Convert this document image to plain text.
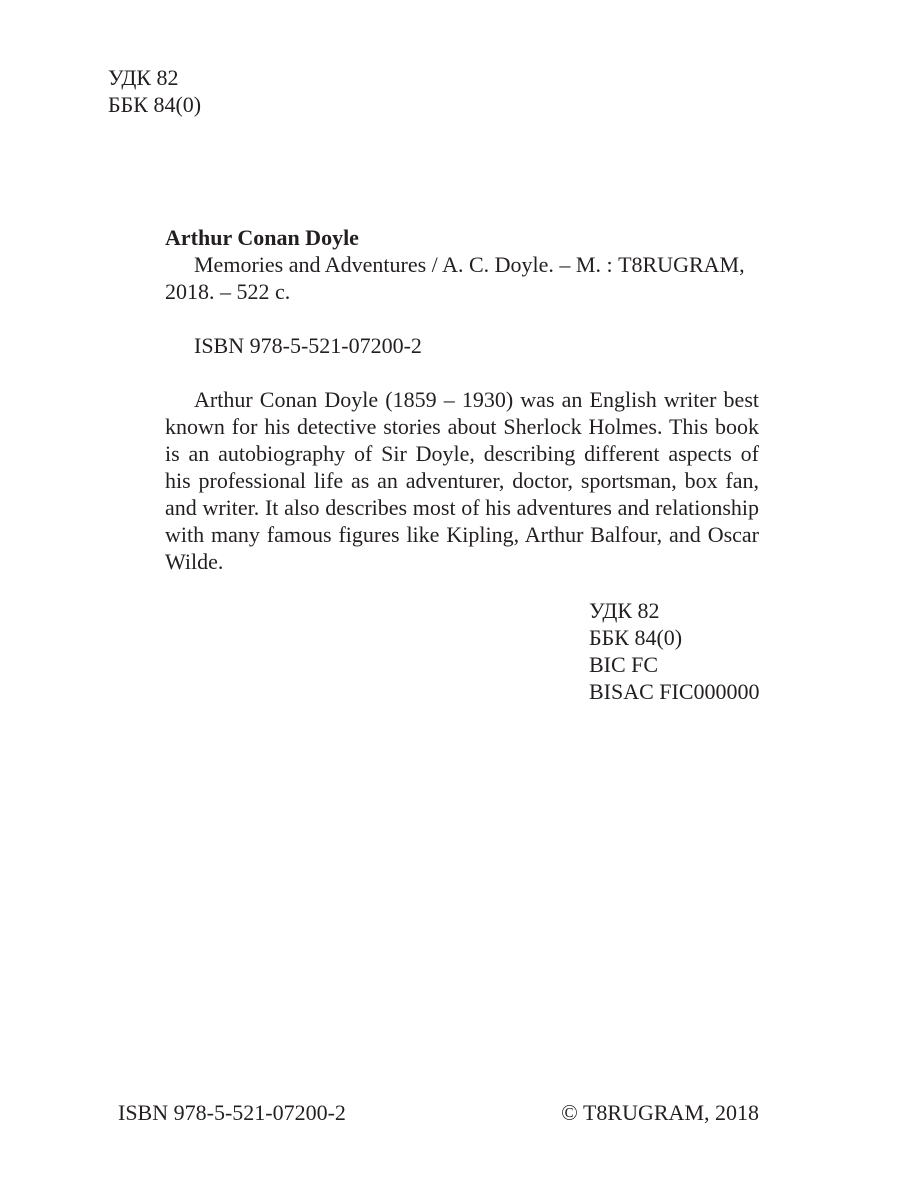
УДК 82
ББК 84(0)
Arthur Conan Doyle
Memories and Adventures / A. C. Doyle. – М. : T8RUGRAM, 2018. – 522 с.
ISBN 978-5-521-07200-2
Arthur Conan Doyle (1859 – 1930) was an English writer best known for his detective stories about Sherlock Holmes. This book is an autobiography of Sir Doyle, describing different aspects of his professional life as an adventurer, doctor, sportsman, box fan, and writer. It also describes most of his adventures and relationship with many famous figures like Kipling, Arthur Balfour, and Oscar Wilde.
УДК 82
ББК 84(0)
BIC FC
BISAC FIC000000
ISBN 978-5-521-07200-2	© T8RUGRAM, 2018
